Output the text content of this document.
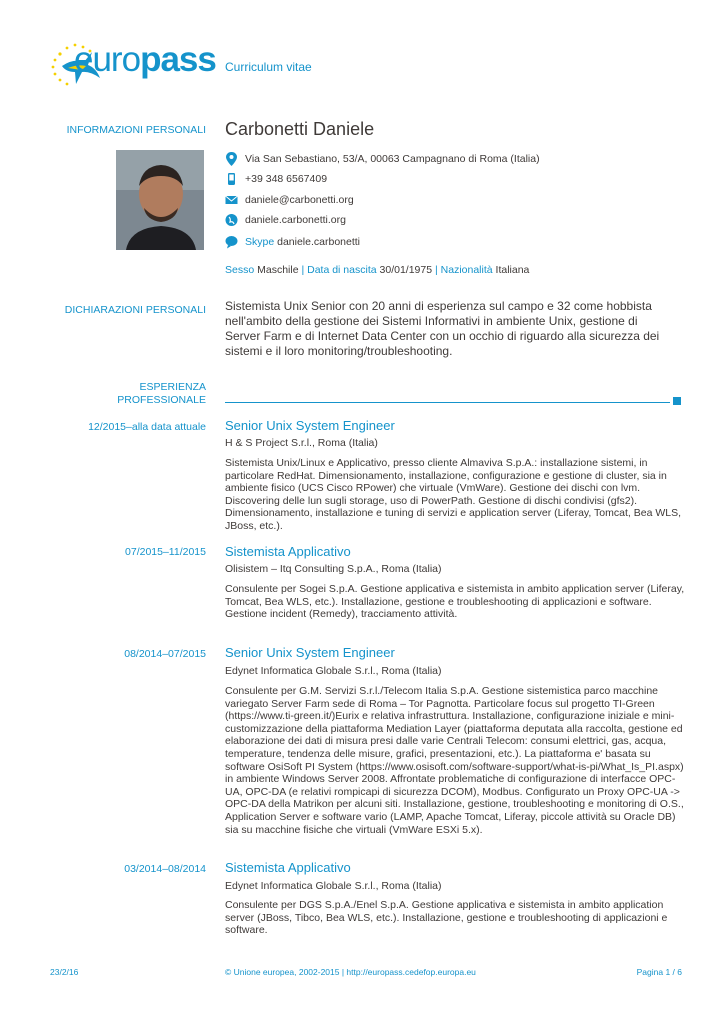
europass Curriculum vitae
INFORMAZIONI PERSONALI Carbonetti Daniele
Via San Sebastiano, 53/A, 00063 Campagnano di Roma (Italia)
+39 348 6567409
daniele@carbonetti.org
daniele.carbonetti.org
Skype daniele.carbonetti
Sesso Maschile | Data di nascita 30/01/1975 | Nazionalità Italiana
DICHIARAZIONI PERSONALI Sistemista Unix Senior con 20 anni di esperienza sul campo e 32 come hobbista nell'ambito della gestione dei Sistemi Informativi in ambiente Unix, gestione di Server Farm e di Internet Data Center con un occhio di riguardo alla sicurezza dei sistemi e il loro monitoring/troubleshooting.
ESPERIENZA
PROFESSIONALE
12/2015–alla data attuale Senior Unix System Engineer
H & S Project S.r.l., Roma (Italia)
Sistemista Unix/Linux e Applicativo, presso cliente Almaviva S.p.A.: installazione sistemi, in particolare RedHat. Dimensionamento, installazione, configurazione e gestione di cluster, sia in ambiente fisico (UCS Cisco RPower) che virtuale (VmWare). Gestione dei dischi con lvm. Discovering delle lun sugli storage, uso di PowerPath. Gestione di dischi condivisi (gfs2). Dimensionamento, installazione e tuning di servizi e application server (Liferay, Tomcat, Bea WLS, JBoss, etc.).
07/2015–11/2015 Sistemista Applicativo
Olisistem – Itq Consulting S.p.A., Roma (Italia)
Consulente per Sogei S.p.A. Gestione applicativa e sistemista in ambito application server (Liferay, Tomcat, Bea WLS, etc.). Installazione, gestione e troubleshooting di applicazioni e software. Gestione incident (Remedy), tracciamento attività.
08/2014–07/2015 Senior Unix System Engineer
Edynet Informatica Globale S.r.l., Roma (Italia)
Consulente per G.M. Servizi S.r.l./Telecom Italia S.p.A. Gestione sistemistica parco macchine variegato Server Farm sede di Roma – Tor Pagnotta. Particolare focus sul progetto TI-Green (https://www.ti-green.it/)Eurix e relativa infrastruttura. Installazione, configurazione iniziale e mini-customizzazione della piattaforma Mediation Layer (piattaforma deputata alla raccolta, gestione ed elaborazione dei dati di misura presi dalle varie Centrali Telecom: consumi elettrici, gas, acqua, temperature, tendenza delle misure, grafici, presentazioni, etc.). La piattaforma e' basata su software OsiSoft PI System (https://www.osisoft.com/software-support/what-is-pi/What_Is_PI.aspx) in ambiente Windows Server 2008. Affrontate problematiche di configurazione di interfacce OPC-UA, OPC-DA (e relativi rompicapi di sicurezza DCOM), Modbus. Configurato un Proxy OPC-UA -> OPC-DA della Matrikon per alcuni siti. Installazione, gestione, troubleshooting e monitoring di O.S., Application Server e software vario (LAMP, Apache Tomcat, Liferay, piccole attività su Oracle DB) sia su macchine fisiche che virtuali (VmWare ESXi 5.x).
03/2014–08/2014 Sistemista Applicativo
Edynet Informatica Globale S.r.l., Roma (Italia)
Consulente per DGS S.p.A./Enel S.p.A. Gestione applicativa e sistemista in ambito application server (JBoss, Tibco, Bea WLS, etc.). Installazione, gestione e troubleshooting di applicazioni e software.
23/2/16	© Unione europea, 2002-2015 | http://europass.cedefop.europa.eu	Pagina 1 / 6
